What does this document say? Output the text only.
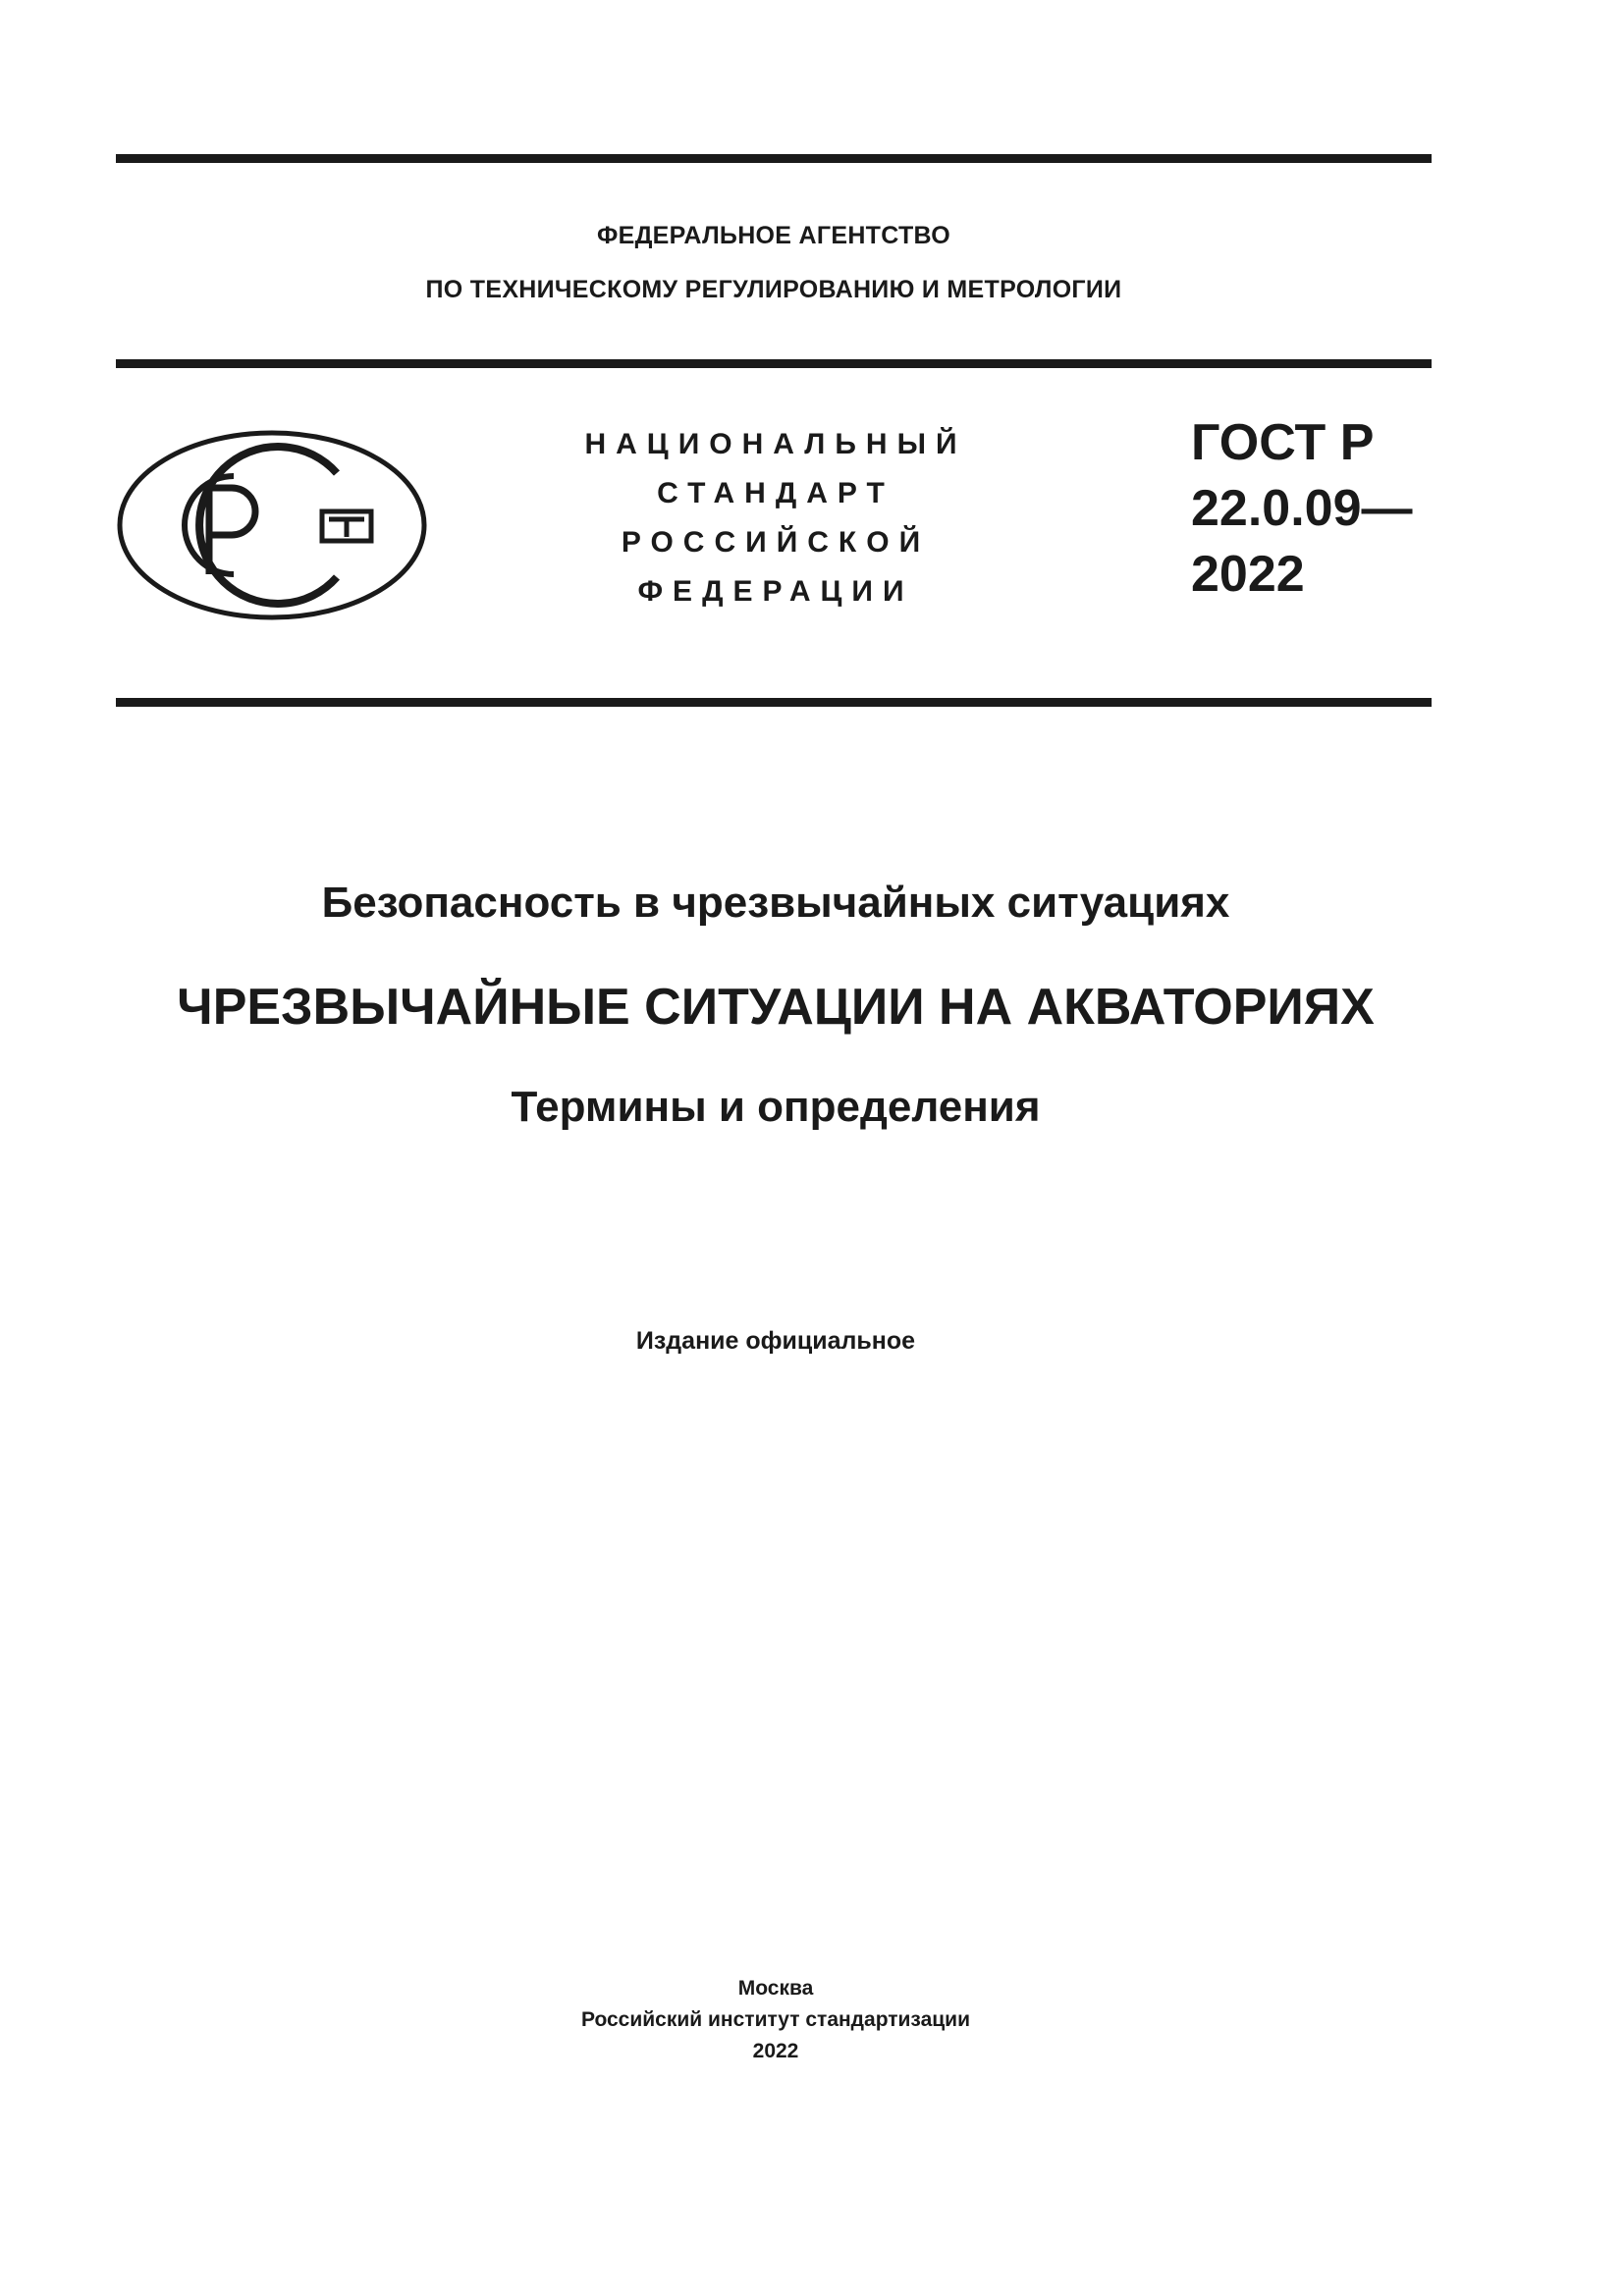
ФЕДЕРАЛЬНОЕ АГЕНТСТВО
ПО ТЕХНИЧЕСКОМУ РЕГУЛИРОВАНИЮ И МЕТРОЛОГИИ
НАЦИОНАЛЬНЫЙ
СТАНДАРТ
РОССИЙСКОЙ
ФЕДЕРАЦИИ
ГОСТ Р
22.0.09—
2022
Безопасность в чрезвычайных ситуациях
ЧРЕЗВЫЧАЙНЫЕ СИТУАЦИИ НА АКВАТОРИЯХ
Термины и определения
Издание официальное
Москва
Российский институт стандартизации
2022
